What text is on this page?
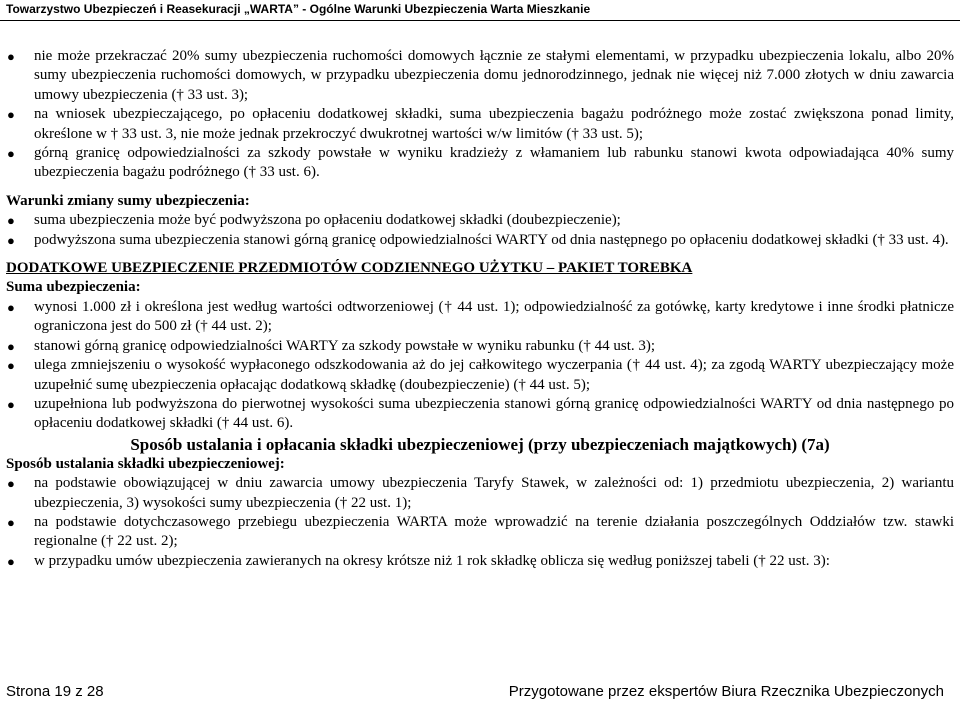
Towarzystwo Ubezpieczeń i Reasekuracji „WARTA” - Ogólne Warunki Ubezpieczenia Warta Mieszkanie
● nie może przekraczać 20% sumy ubezpieczenia ruchomości domowych łącznie ze stałymi elementami, w przypadku ubezpieczenia lokalu, albo 20% sumy ubezpieczenia ruchomości domowych, w przypadku ubezpieczenia domu jednorodzinnego, jednak nie więcej niż 7.000 złotych w dniu zawarcia umowy ubezpieczenia († 33 ust. 3);
● na wniosek ubezpieczającego, po opłaceniu dodatkowej składki, suma ubezpieczenia bagażu podróżnego może zostać zwiększona ponad limity, określone w † 33 ust. 3, nie może jednak przekroczyć dwukrotnej wartości w/w limitów († 33 ust. 5);
● górną granicę odpowiedzialności za szkody powstałe w wyniku kradzieży z włamaniem lub rabunku stanowi kwota odpowiadająca 40% sumy ubezpieczenia bagażu podróżnego († 33 ust. 6).
Warunki zmiany sumy ubezpieczenia:
● suma ubezpieczenia może być podwyższona po opłaceniu dodatkowej składki (doubezpieczenie);
● podwyższona suma ubezpieczenia stanowi górną granicę odpowiedzialności WARTY od dnia następnego po opłaceniu dodatkowej składki († 33 ust. 4).
DODATKOWE UBEZPIECZENIE PRZEDMIOTÓW CODZIENNEGO UŻYTKU – PAKIET TOREBKA
Suma ubezpieczenia:
● wynosi 1.000 zł i określona jest według wartości odtworzeniowej († 44 ust. 1); odpowiedzialność za gotówkę, karty kredytowe i inne środki płatnicze ograniczona jest do 500 zł († 44 ust. 2);
● stanowi górną granicę odpowiedzialności WARTY za szkody powstałe w wyniku rabunku († 44 ust. 3);
● ulega zmniejszeniu o wysokość wypłaconego odszkodowania aż do jej całkowitego wyczerpania († 44 ust. 4); za zgodą WARTY ubezpieczający może uzupełnić sumę ubezpieczenia opłacając dodatkową składkę (doubezpieczenie) († 44 ust. 5);
● uzupełniona lub podwyższona do pierwotnej wysokości suma ubezpieczenia stanowi górną granicę odpowiedzialności WARTY od dnia następnego po opłaceniu dodatkowej składki († 44 ust. 6).
Sposób ustalania i opłacania składki ubezpieczeniowej (przy ubezpieczeniach majątkowych) (7a)
Sposób ustalania składki ubezpieczeniowej:
● na podstawie obowiązującej w dniu zawarcia umowy ubezpieczenia Taryfy Stawek, w zależności od: 1) przedmiotu ubezpieczenia, 2) wariantu ubezpieczenia, 3) wysokości sumy ubezpieczenia († 22 ust. 1);
● na podstawie dotychczasowego przebiegu ubezpieczenia WARTA może wprowadzić na terenie działania poszczególnych Oddziałów tzw. stawki regionalne († 22 ust. 2);
● w przypadku umów ubezpieczenia zawieranych na okresy krótsze niż 1 rok składkę oblicza się według poniższej tabeli († 22 ust. 3):
Strona 19 z 28	Przygotowane przez ekspertów Biura Rzecznika Ubezpieczonych
